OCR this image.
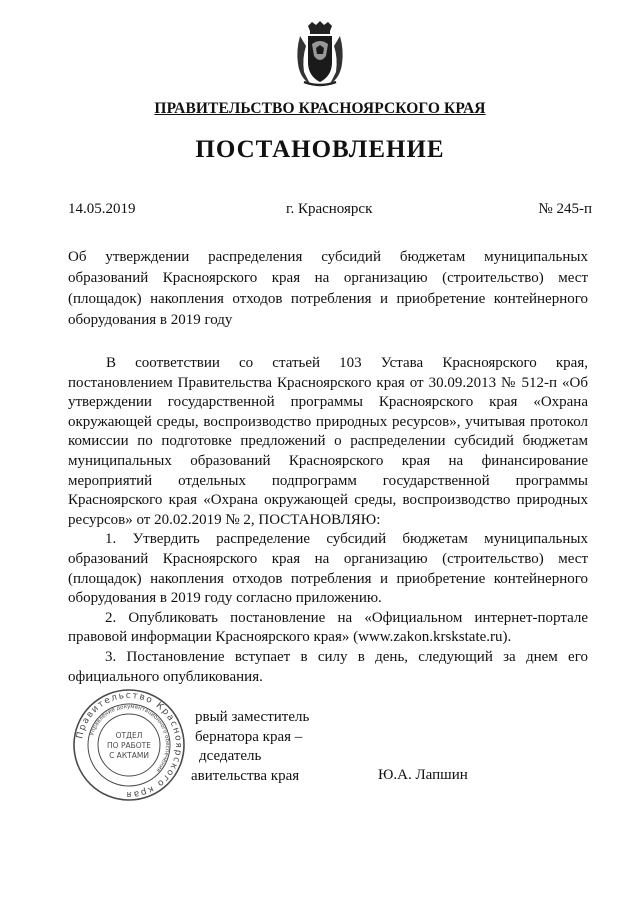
ПРАВИТЕЛЬСТВО КРАСНОЯРСКОГО КРАЯ
ПОСТАНОВЛЕНИЕ
14.05.2019	г. Красноярск	№ 245-п
Об утверждении распределения субсидий бюджетам муниципальных образований Красноярского края на организацию (строительство) мест (площадок) накопления отходов потребления и приобретение контейнерного оборудования в 2019 году

В соответствии со статьей 103 Устава Красноярского края, постановлением Правительства Красноярского края от 30.09.2013 № 512-п «Об утверждении государственной программы Красноярского края «Охрана окружающей среды, воспроизводство природных ресурсов», учитывая протокол комиссии по подготовке предложений о распределении субсидий бюджетам муниципальных образований Красноярского края на финансирование мероприятий отдельных подпрограмм государственной программы Красноярского края «Охрана окружающей среды, воспроизводство природных ресурсов» от 20.02.2019 № 2, ПОСТАНОВЛЯЮ:

1. Утвердить распределение субсидий бюджетам муниципальных образований Красноярского края на организацию (строительство) мест (площадок) накопления отходов потребления и приобретение контейнерного оборудования в 2019 году согласно приложению.

2. Опубликовать постановление на «Официальном интернет-портале правовой информации Красноярского края» (www.zakon.krskstate.ru).

3. Постановление вступает в силу в день, следующий за днем его официального опубликования.

Правительство Красноярского края
Управление документационного обеспечения
ОТДЕЛ
ПО РАБОТЕ
С АКТАМИ
рвый заместитель
бернатора края –
дседатель
авительства края	Ю.А. Лапшин
